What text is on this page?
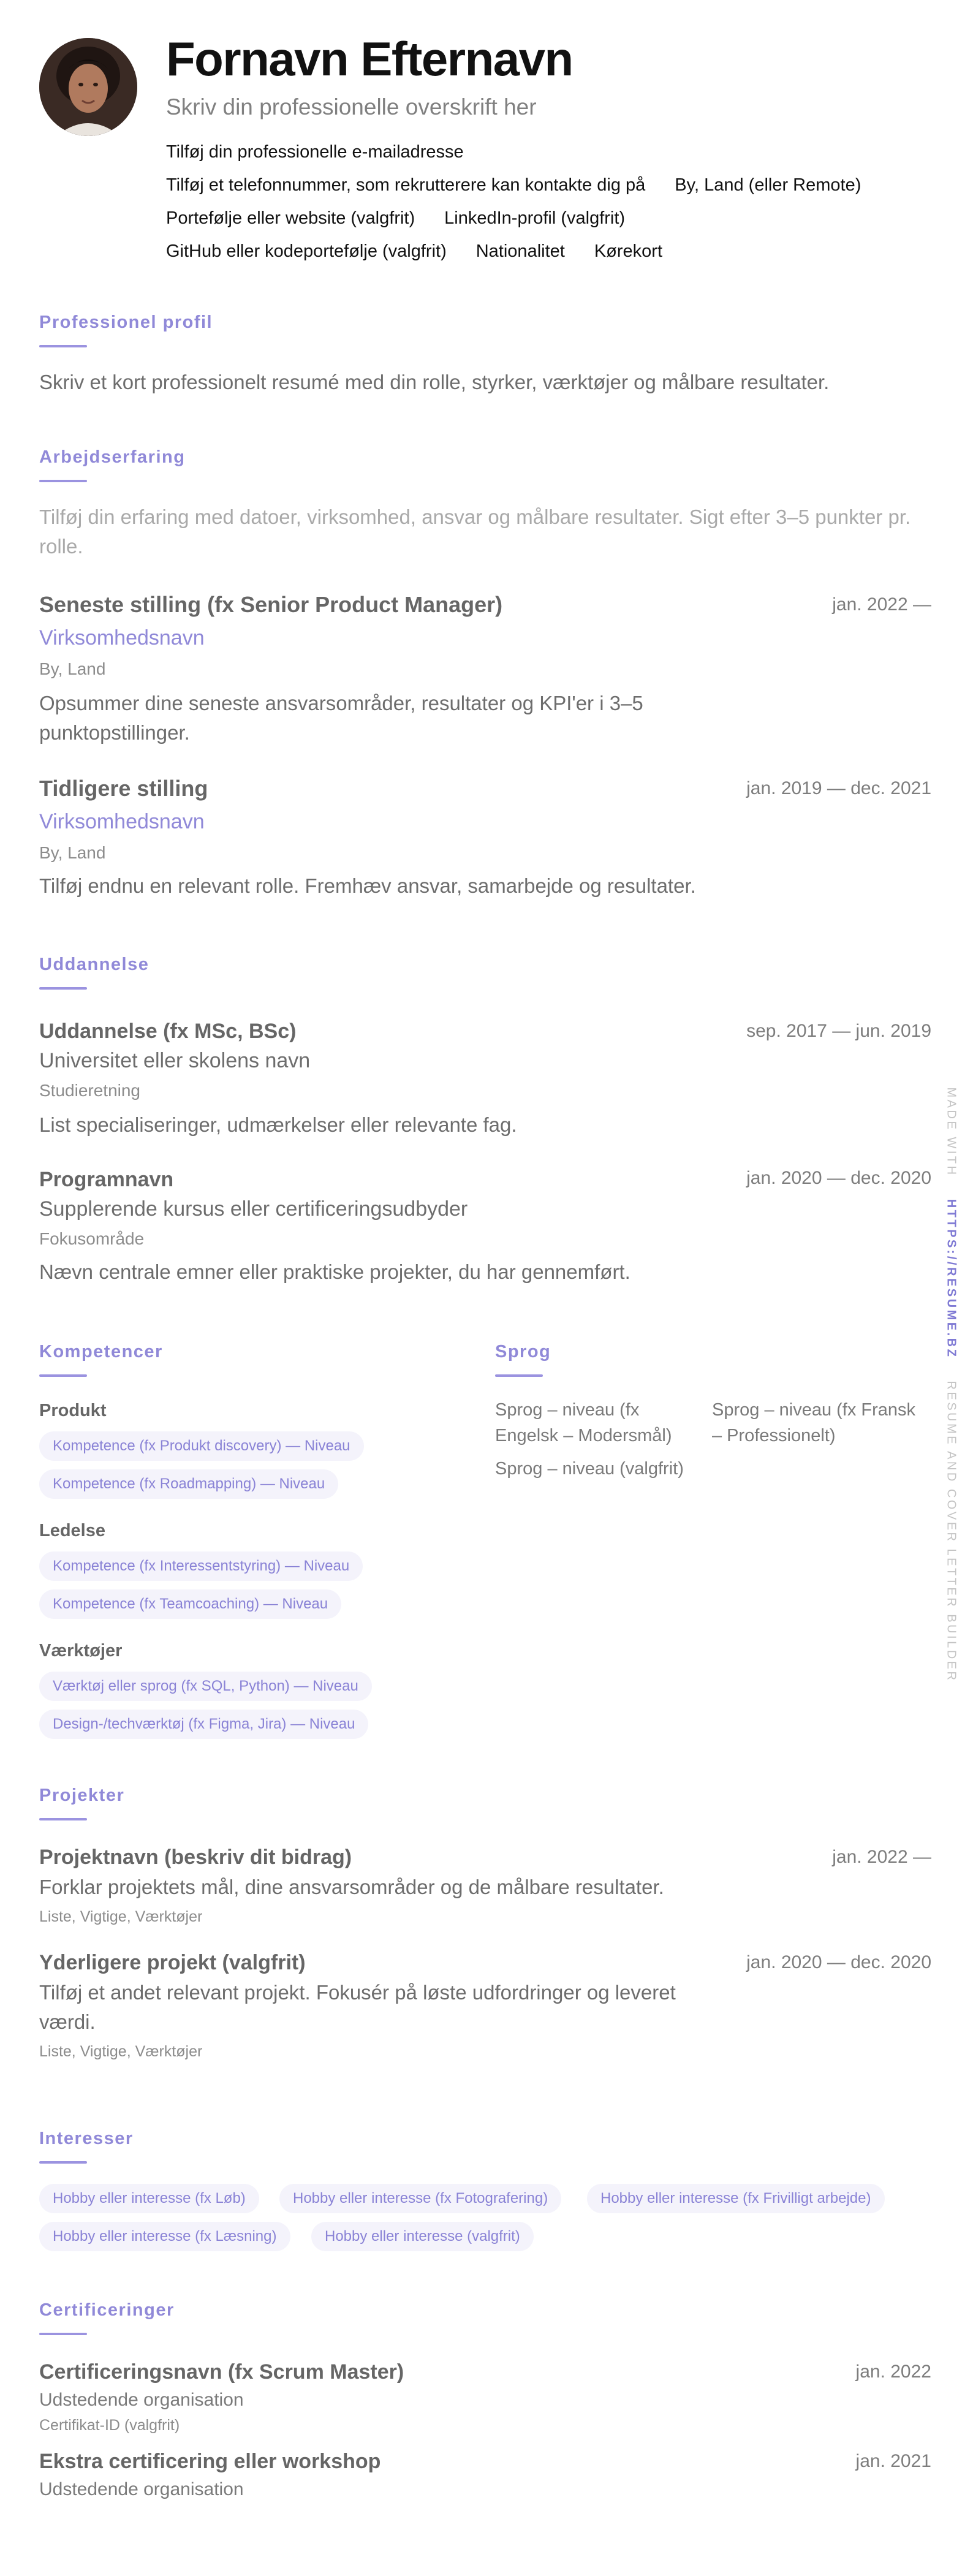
Fornavn Efternavn
Skriv din professionelle overskrift her
Tilføj din professionelle e-mailadresse
Tilføj et telefonnummer, som rekrutterere kan kontakte dig på By, Land (eller Remote)
Portefølje eller website (valgfrit) LinkedIn-profil (valgfrit)
GitHub eller kodeportefølje (valgfrit) Nationalitet Kørekort
Professionel profil
Skriv et kort professionelt resumé med din rolle, styrker, værktøjer og målbare resultater.
Arbejdserfaring
Tilføj din erfaring med datoer, virksomhed, ansvar og målbare resultater. Sigt efter 3–5 punkter pr. rolle.
Seneste stilling (fx Senior Product Manager)	jan. 2022 —
Virksomhedsnavn
By, Land
Opsummer dine seneste ansvarsområder, resultater og KPI'er i 3–5 punktopstillinger.
Tidligere stilling	jan. 2019 — dec. 2021
Virksomhedsnavn
By, Land
Tilføj endnu en relevant rolle. Fremhæv ansvar, samarbejde og resultater.
Uddannelse
Uddannelse (fx MSc, BSc)	sep. 2017 — jun. 2019
Universitet eller skolens navn
Studieretning
List specialiseringer, udmærkelser eller relevante fag.
Programnavn	jan. 2020 — dec. 2020
Supplerende kursus eller certificeringsudbyder
Fokusområde
Nævn centrale emner eller praktiske projekter, du har gennemført.
Kompetencer
Produkt
Kompetence (fx Produkt discovery) — Niveau
Kompetence (fx Roadmapping) — Niveau
Ledelse
Kompetence (fx Interessentstyring) — Niveau
Kompetence (fx Teamcoaching) — Niveau
Værktøjer
Værktøj eller sprog (fx SQL, Python) — Niveau
Design-/techværktøj (fx Figma, Jira) — Niveau
Sprog
Sprog – niveau (fx
Engelsk – Modersmål)
Sprog – niveau (fx Fransk
– Professionelt)
Sprog – niveau (valgfrit)
Projekter
Projektnavn (beskriv dit bidrag)	jan. 2022 —
Forklar projektets mål, dine ansvarsområder og de målbare resultater.
Liste, Vigtige, Værktøjer
Yderligere projekt (valgfrit)	jan. 2020 — dec. 2020
Tilføj et andet relevant projekt. Fokusér på løste udfordringer og leveret
værdi.
Liste, Vigtige, Værktøjer
Interesser
Hobby eller interesse (fx Løb)	Hobby eller interesse (fx Fotografering)	Hobby eller interesse (fx Frivilligt arbejde)
Hobby eller interesse (fx Læsning)	Hobby eller interesse (valgfrit)
Certificeringer
Certificeringsnavn (fx Scrum Master)	jan. 2022
Udstedende organisation
Certifikat-ID (valgfrit)
Ekstra certificering eller workshop	jan. 2021
Udstedende organisation
MADE WITH    HTTPS://RESUME.BZ    RESUME AND COVER LETTER BUILDER
